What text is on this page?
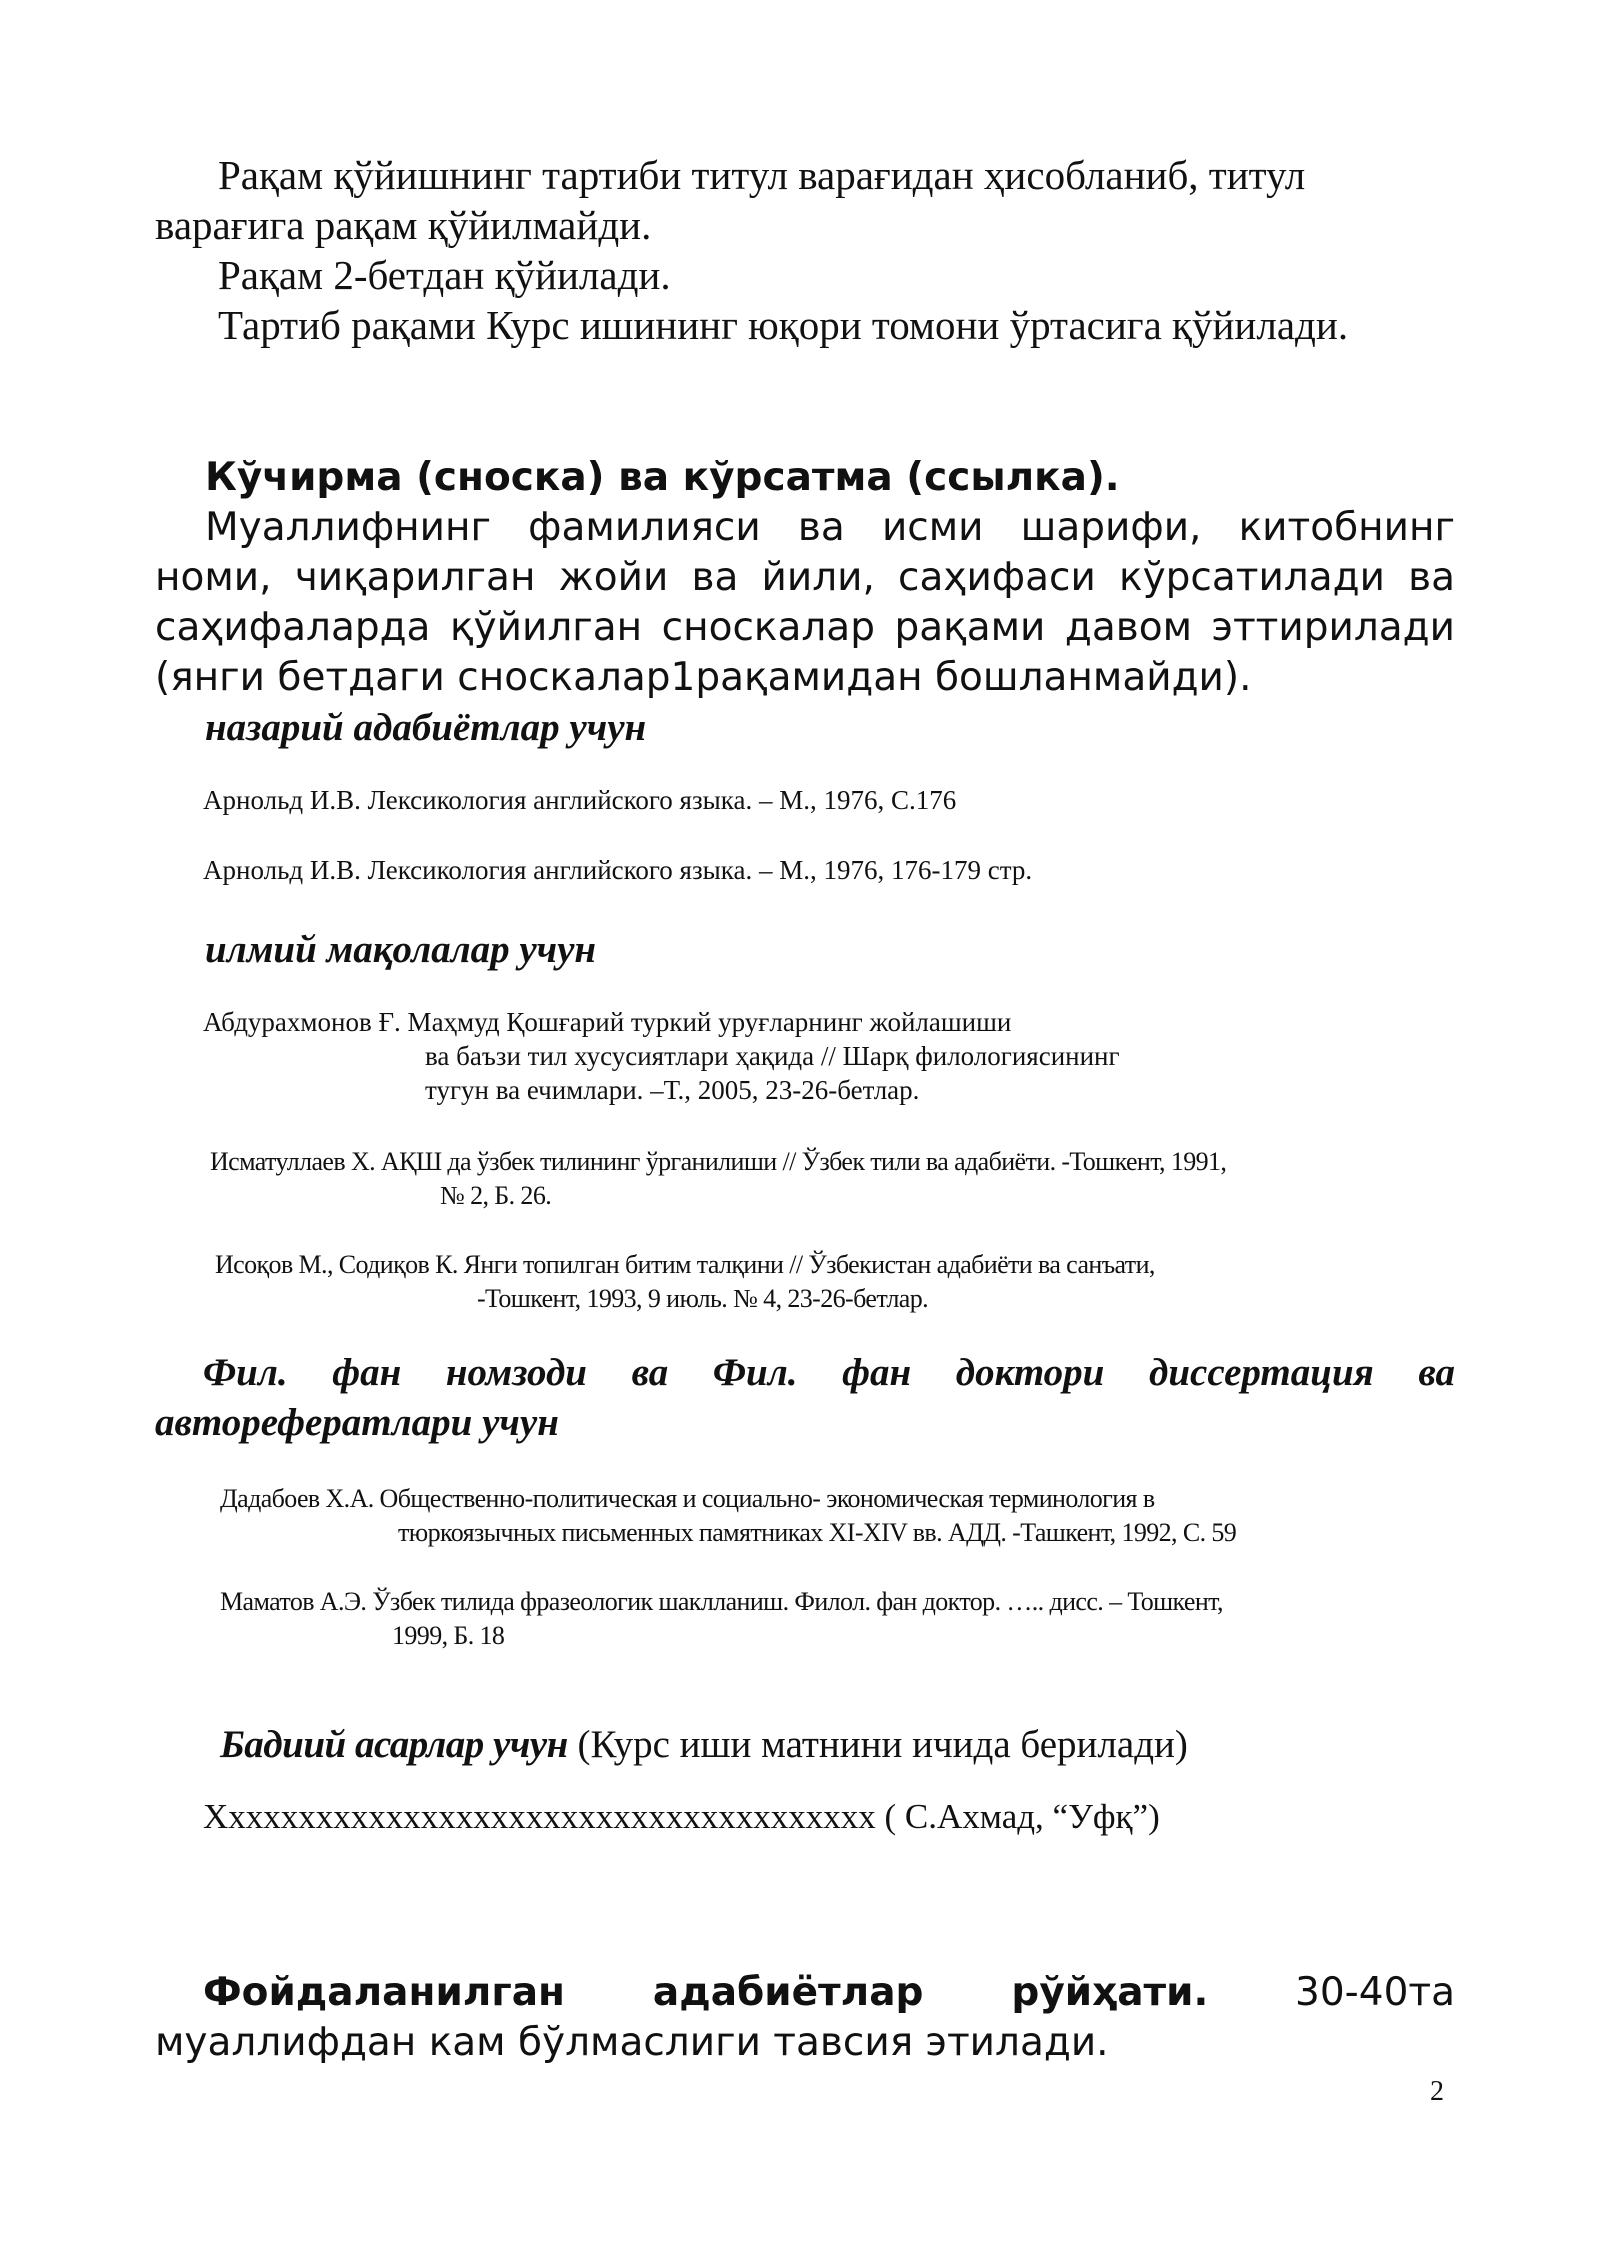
Рақам қўйишнинг тартиби титул варағидан ҳисобланиб, титул варағига рақам қўйилмайди.

Рақам 2-бетдан қўйилади.

Тартиб рақами Курс ишининг юқори томони ўртасига қўйилади.

Кўчирма (сноска) ва кўрсатма (ссылка).

Муаллифнинг фамилияси ва исми шарифи, китобнинг номи, чиқарилган жойи ва йили, саҳифаси кўрсатилади ва саҳифаларда қўйилган сноскалар рақами давом эттирилади (янги бетдаги сноскалар1рақамидан бошланмайди).

назарий адабиётлар учун
Арнольд И.В. Лексикология английского языка. – М., 1976, С.176
Арнольд И.В. Лексикология английского языка. – М., 1976, 176-179 стр.
илмий мақолалар учун
Абдурахмонов Ғ. Маҳмуд Қошғарий туркий уруғларнинг жойлашиши
ва баъзи тил хусусиятлари ҳақида // Шарқ филологиясининг
тугун ва ечимлари. –Т., 2005, 23-26-бетлар.
Исматуллаев Х. АҚШ да ўзбек тилининг ўрганилиши // Ўзбек тили ва адабиёти. -Тошкент, 1991,
№ 2, Б. 26.
Исоқов М., Содиқов К. Янги топилган битим талқини // Ўзбекистан адабиёти ва санъати,
-Тошкент, 1993, 9 июль. № 4, 23-26-бетлар.
Фил. фан номзоди ва Фил. фан доктори диссертация ва
авторефератлари учун
Дадабоев Х.А. Общественно-политическая и социально- экономическая терминология в
тюркоязычных письменных памятниках XI-XIV вв. АДД. -Ташкент, 1992, С. 59
Маматов А.Э. Ўзбек тилида фразеологик шаклланиш. Филол. фан доктор. ….. дисс. – Тошкент,
1999, Б. 18
Бадиий асарлар учун (Курс иши матнини ичида берилади)
Хххххххххххххххххххххххххххххххххххххх ( С.Ахмад, “Уфқ”)

Фойдаланилган адабиётлар рўйҳати. 30-40та муаллифдан кам бўлмаслиги тавсия этилади.

2
